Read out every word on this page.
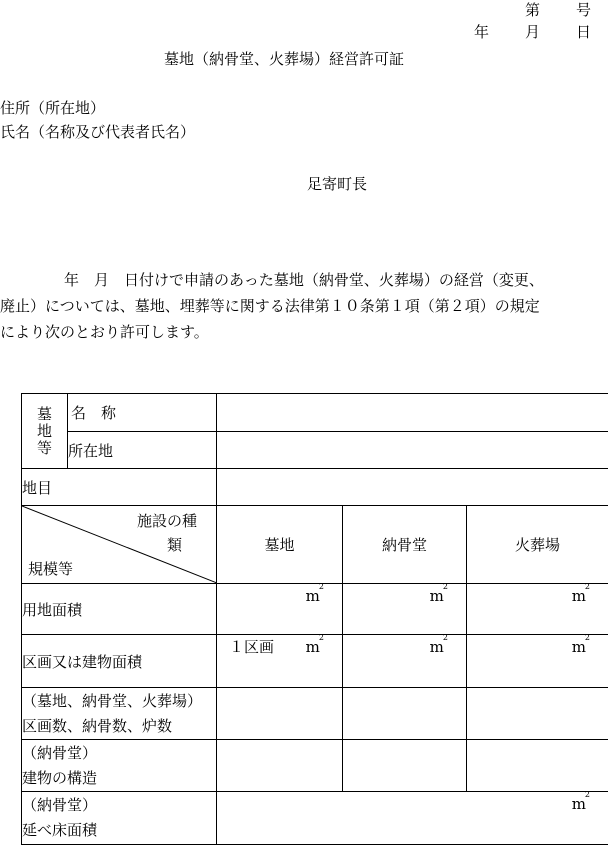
第 号
年 月 日
墓地（納骨堂、火葬場）経営許可証
住所（所在地）
氏名（名称及び代表者氏名）
足寄町長
年　月　日付けで申請のあった墓地（納骨堂、火葬場）の経営（変更、
廃止）については、墓地、埋葬等に関する法律第１０条第１項（第２項）の規定
により次のとおり許可します。
墓
地
等	名　称			
	所在地			
地目				

施設の種
類
規模等		墓地	納骨堂	火葬場
用地面積		$m^2$	$m^2$	$m^2$

区画又は建物面積		１区画 $m^2$	$m^2$	$m^2$

（墓地、納骨堂、火葬場）
区画数、納骨数、炉数				

（納骨堂）
建物の構造				

（納骨堂）
延べ床面積		$m^2$
